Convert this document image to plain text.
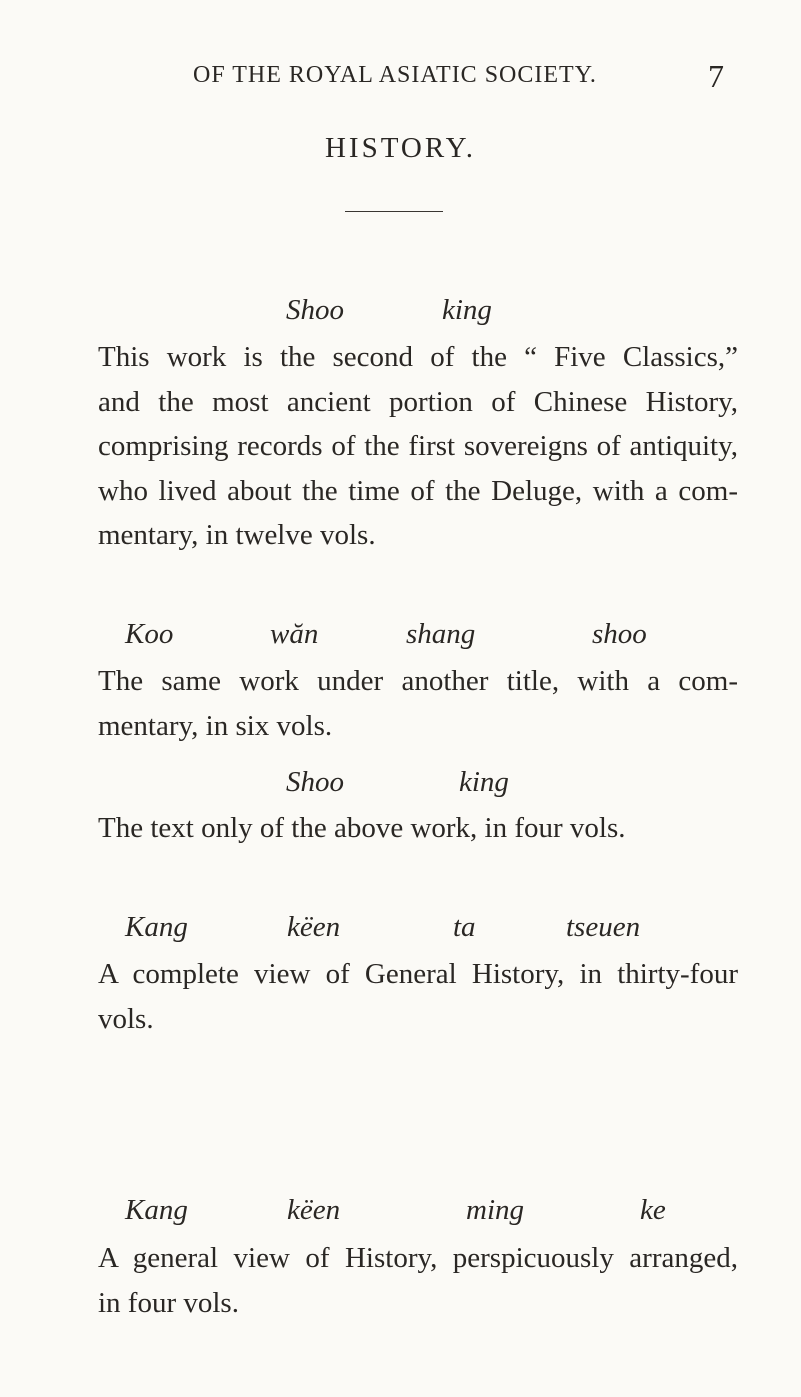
OF THE ROYAL ASIATIC SOCIETY.	7
HISTORY.
Shoo	king
This work is the second of the “ Five Classics,”
and the most ancient portion of Chinese History,
comprising records of the first sovereigns of antiquity,
who lived about the time of the Deluge, with a com-
mentary, in twelve vols.
Koo	wăn	shang	shoo
The same work under another title, with a com-
mentary, in six vols.
Shoo	king
The text only of the above work, in four vols.
Kang	këen	ta	tseuen
A complete view of General History, in thirty-four
vols.
Kang	këen	ming	ke
A general view of History, perspicuously arranged,
in four vols.
